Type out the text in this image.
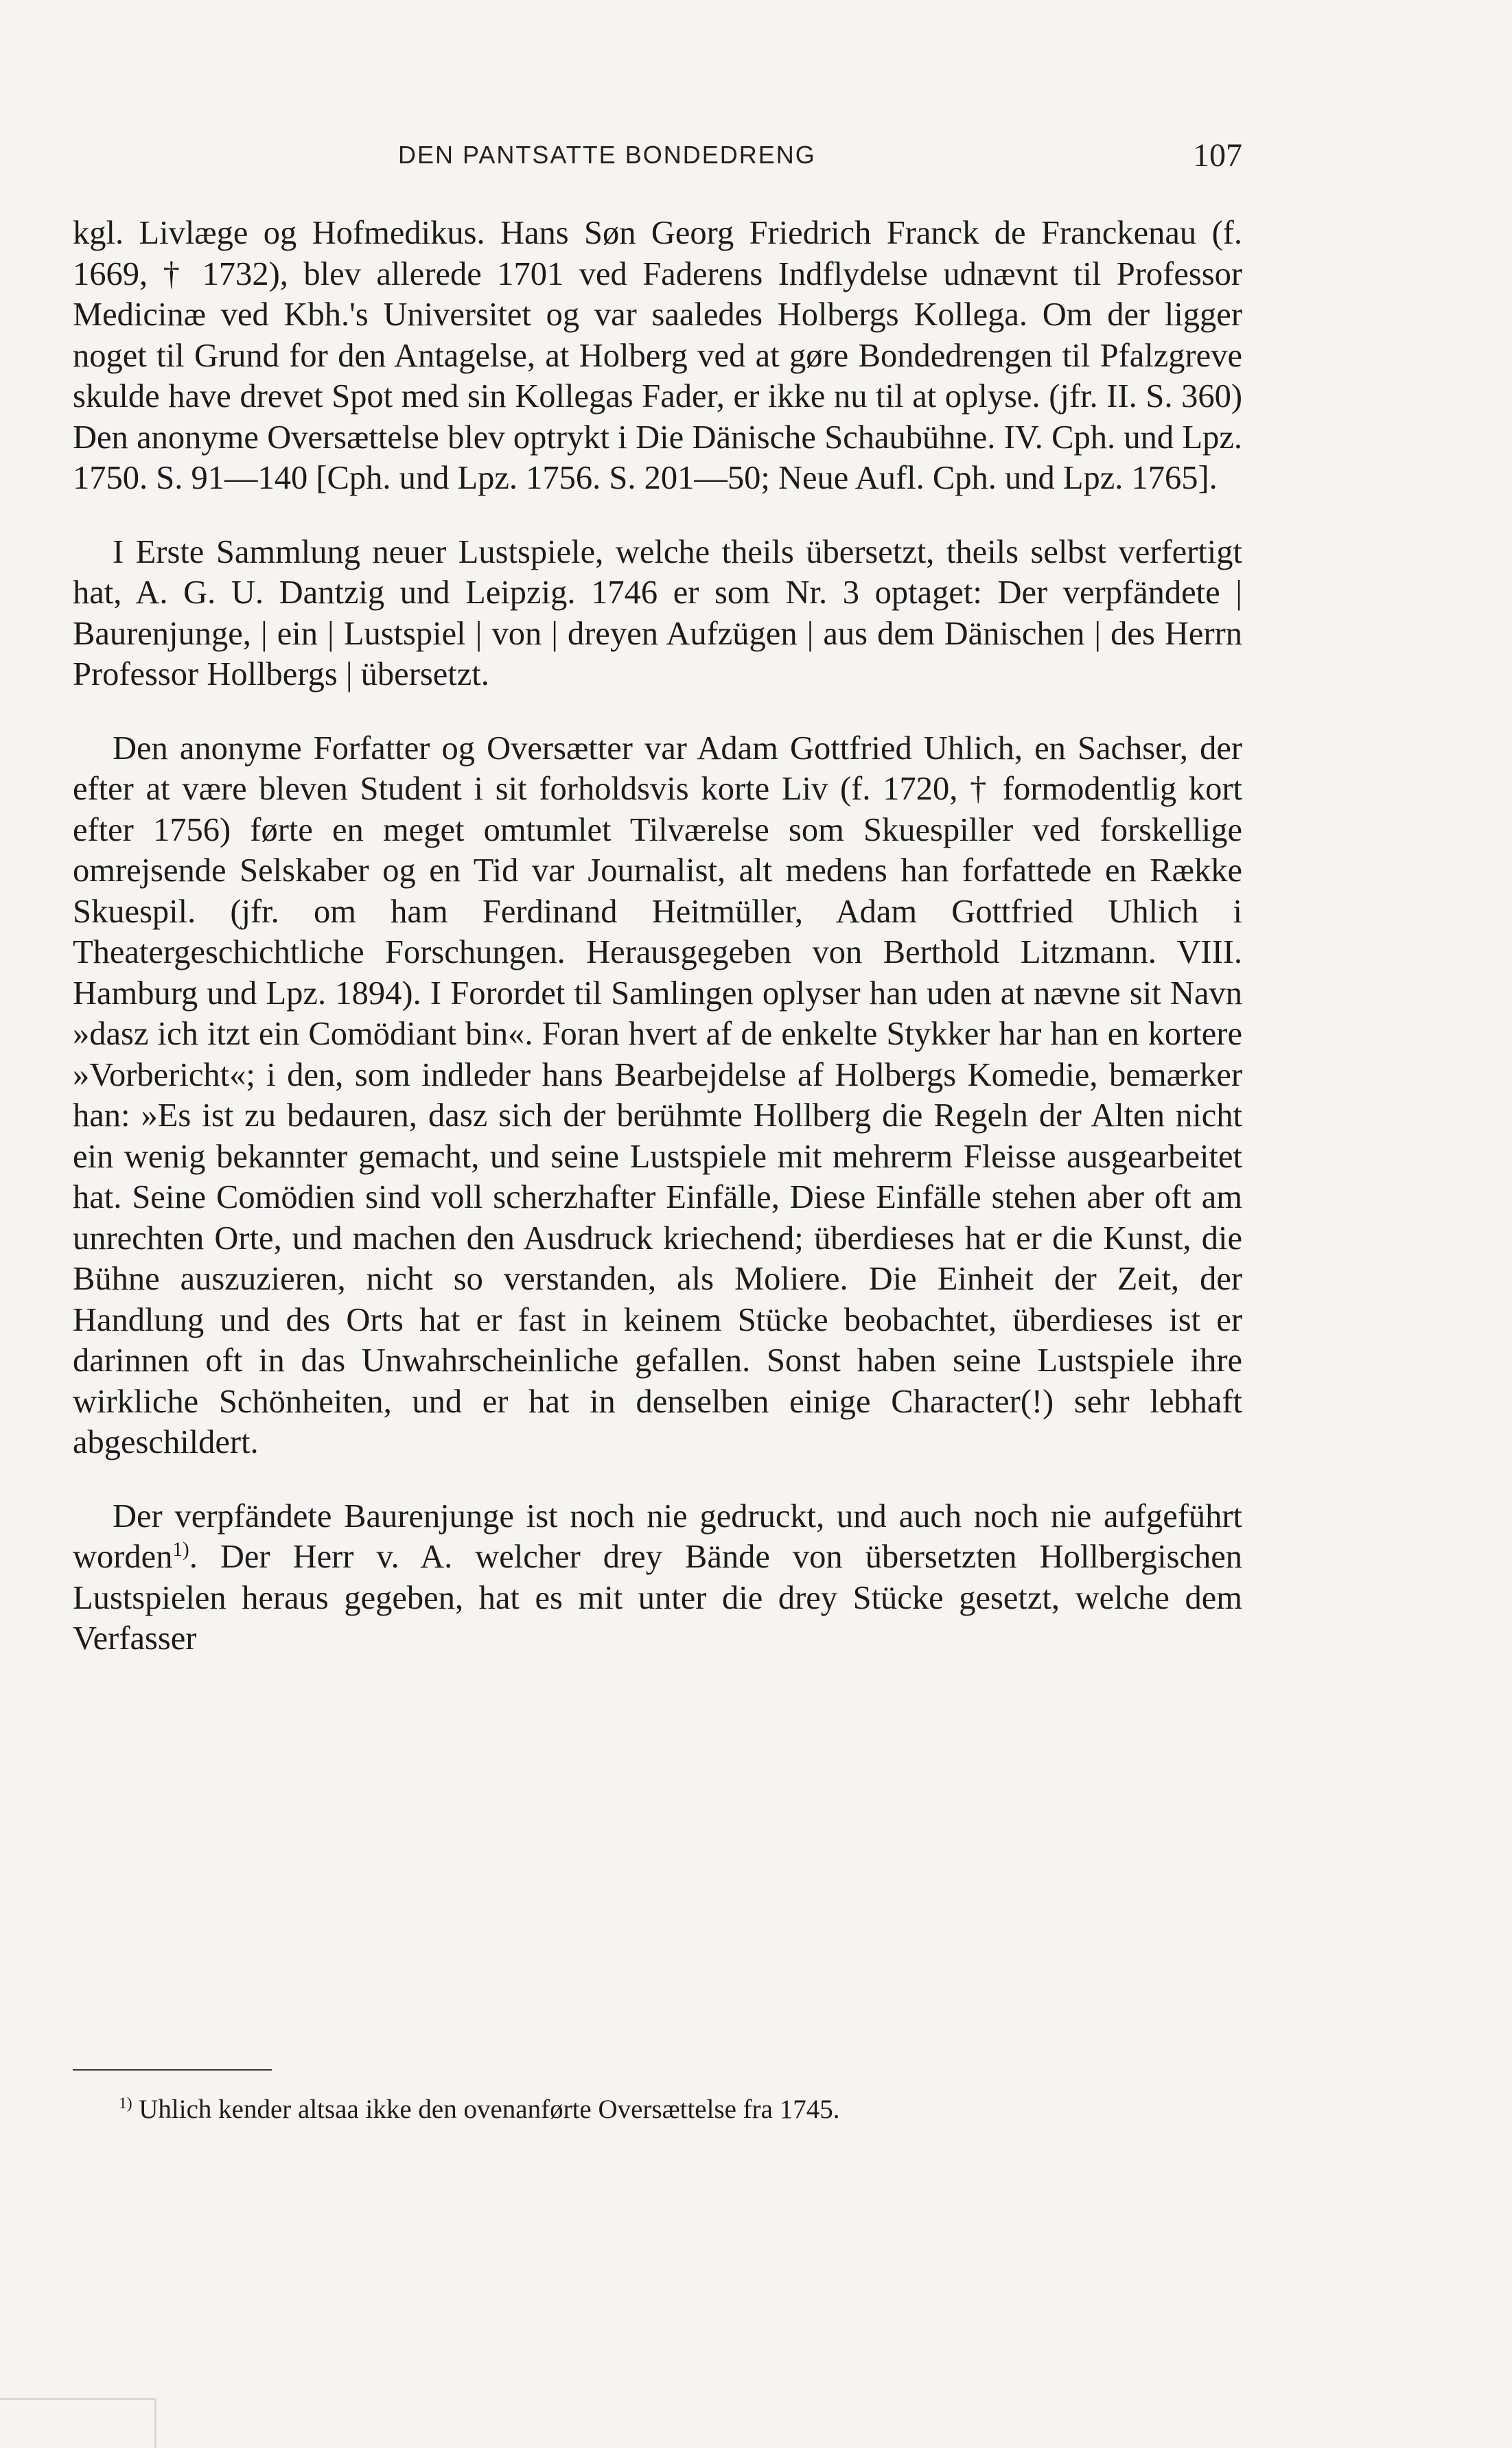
DEN PANTSATTE BONDEDRENG	107

kgl. Livlæge og Hofmedikus. Hans Søn Georg Friedrich Franck de Franckenau (f. 1669, † 1732), blev allerede 1701 ved Faderens Indflydelse udnævnt til Professor Medicinæ ved Kbh.'s Universitet og var saaledes Holbergs Kollega. Om der ligger noget til Grund for den Antagelse, at Holberg ved at gøre Bondedrengen til Pfalzgreve skulde have drevet Spot med sin Kollegas Fader, er ikke nu til at oplyse. (jfr. II. S. 360) Den anonyme Oversættelse blev optrykt i Die Dänische Schaubühne. IV. Cph. und Lpz. 1750. S. 91—140 [Cph. und Lpz. 1756. S. 201—50; Neue Aufl. Cph. und Lpz. 1765].

I Erste Sammlung neuer Lustspiele, welche theils übersetzt, theils selbst verfertigt hat, A. G. U. Dantzig und Leipzig. 1746 er som Nr. 3 optaget: Der verpfändete | Baurenjunge, | ein | Lustspiel | von | dreyen Aufzügen | aus dem Dänischen | des Herrn Professor Hollbergs | übersetzt.

Den anonyme Forfatter og Oversætter var Adam Gottfried Uhlich, en Sachser, der efter at være bleven Student i sit forholdsvis korte Liv (f. 1720, † formodentlig kort efter 1756) førte en meget omtumlet Tilværelse som Skuespiller ved forskellige omrejsende Selskaber og en Tid var Journalist, alt medens han forfattede en Række Skuespil. (jfr. om ham Ferdinand Heitmüller, Adam Gottfried Uhlich i Theatergeschichtliche Forschungen. Herausgegeben von Berthold Litzmann. VIII. Hamburg und Lpz. 1894). I Forordet til Samlingen oplyser han uden at nævne sit Navn »dasz ich itzt ein Comödiant bin«. Foran hvert af de enkelte Stykker har han en kortere »Vorbericht«; i den, som indleder hans Bearbejdelse af Holbergs Komedie, bemærker han: »Es ist zu bedauren, dasz sich der berühmte Hollberg die Regeln der Alten nicht ein wenig bekannter gemacht, und seine Lustspiele mit mehrerm Fleisse ausgearbeitet hat. Seine Comödien sind voll scherzhafter Einfälle, Diese Einfälle stehen aber oft am unrechten Orte, und machen den Ausdruck kriechend; überdieses hat er die Kunst, die Bühne auszuzieren, nicht so verstanden, als Moliere. Die Einheit der Zeit, der Handlung und des Orts hat er fast in keinem Stücke beobachtet, überdieses ist er darinnen oft in das Unwahrscheinliche gefallen. Sonst haben seine Lustspiele ihre wirkliche Schönheiten, und er hat in denselben einige Character(!) sehr lebhaft abgeschildert.

Der verpfändete Baurenjunge ist noch nie gedruckt, und auch noch nie aufgeführt worden$^{1)}$. Der Herr v. A. welcher drey Bände von übersetzten Hollbergischen Lustspielen heraus gegeben, hat es mit unter die drey Stücke gesetzt, welche dem Verfasser

$^{1)}$ Uhlich kender altsaa ikke den ovenanførte Oversættelse fra 1745.
